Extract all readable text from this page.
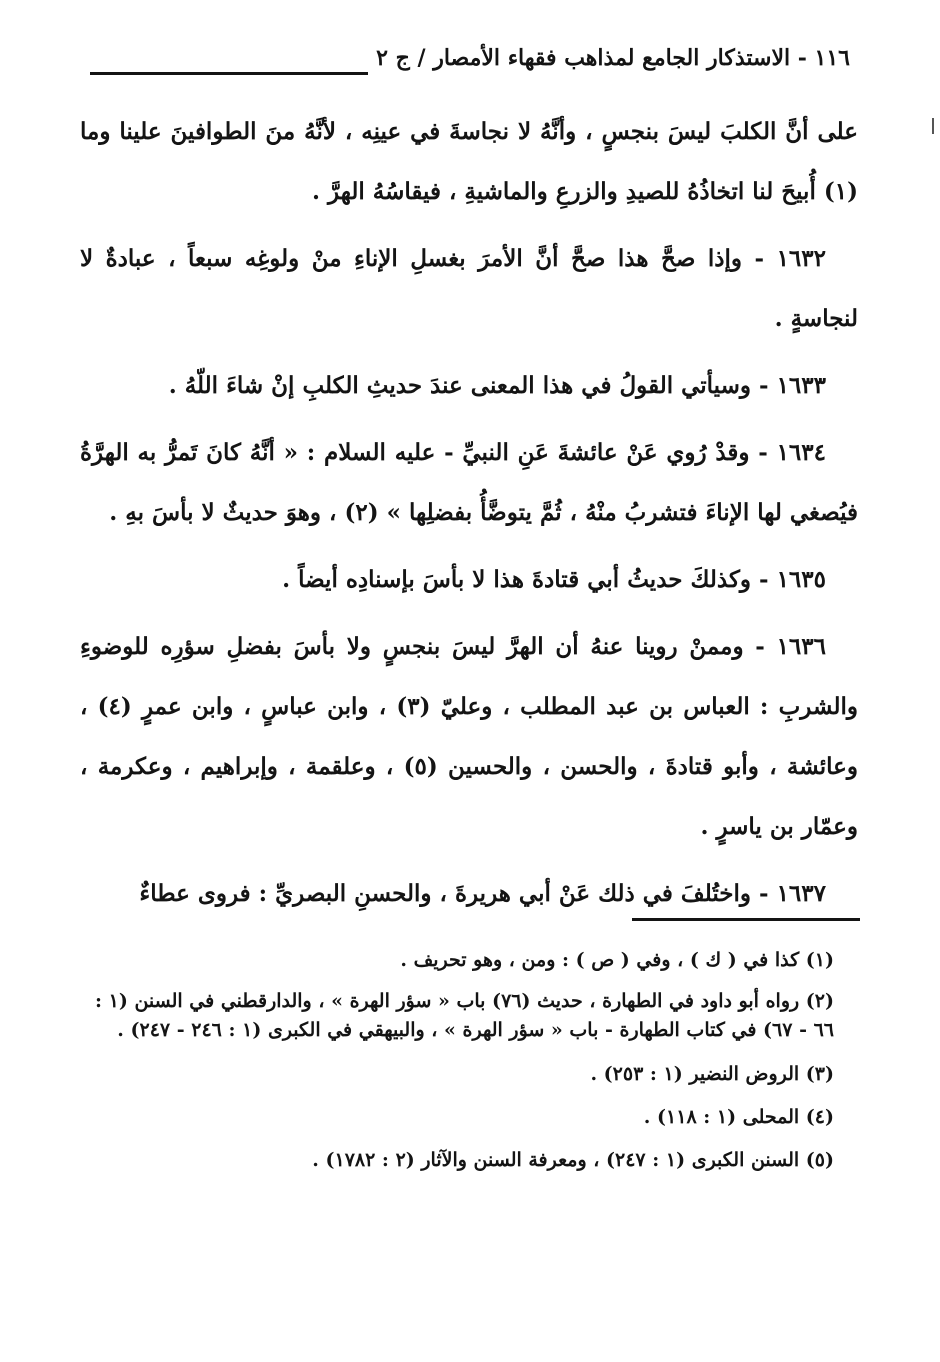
١١٦ - الاستذكار الجامع لمذاهب فقهاء الأمصار / ج ٢

على أنَّ الكلبَ ليسَ بنجسٍ ، وأنَّهُ لا نجاسةَ في عينِه ، لأنَّهُ منَ الطوافينَ علينا وما (١) أُبيحَ لنا اتخاذُهُ للصيدِ والزرعِ والماشيةِ ، فيقاسُهُ الهرَّ .

١٦٣٢ - وإذا صحَّ هذا صحَّ أنَّ الأمرَ بغسلِ الإناءِ منْ ولوغِه سبعاً ، عبادةٌ لا لنجاسةٍ .

١٦٣٣ - وسيأتي القولُ في هذا المعنى عندَ حديثِ الكلبِ إنْ شاءَ اللّهُ .

١٦٣٤ - وقدْ رُوي عَنْ عائشةَ عَنِ النبيِّ - عليه السلام : « أنَّهُ كانَ تَمرُّ به الهرَّةُ فيُصغي لها الإناءَ فتشربُ منْهُ ، ثُمَّ يتوضَّأُ بفضلِها » (٢) ، وهوَ حديثٌ لا بأسَ بهِ .

١٦٣٥ - وكذلكَ حديثُ أبي قتادةَ هذا لا بأسَ بإسنادِه أيضاً .

١٦٣٦ - وممنْ روينا عنهُ أن الهرَّ ليسَ بنجسٍ ولا بأسَ بفضلِ سؤرِه للوضوءِ والشربِ : العباس بن عبد المطلب ، وعليّ (٣) ، وابن عباسٍ ، وابن عمرٍ (٤) ، وعائشة ، وأبو قتادةَ ، والحسن ، والحسين (٥) ، وعلقمة ، وإبراهيم ، وعكرمة ، وعمّار بن ياسرٍ .

١٦٣٧ - واختُلفَ في ذلك عَنْ أبي هريرةَ ، والحسنِ البصريِّ : فروى عطاءٌ

(١) كذا في ( ك ) ، وفي ( ص ) : ومن ، وهو تحريف .

(٢) رواه أبو داود في الطهارة ، حديث (٧٦) باب « سؤر الهرة » ، والدارقطني في السنن (١ : ٦٦ - ٦٧) في كتاب الطهارة - باب « سؤر الهرة » ، والبيهقي في الكبرى (١ : ٢٤٦ - ٢٤٧) .

(٣) الروض النضير (١ : ٢٥٣) .

(٤) المحلى (١ : ١١٨) .

(٥) السنن الكبرى (١ : ٢٤٧) ، ومعرفة السنن والآثار (٢ : ١٧٨٢) .
